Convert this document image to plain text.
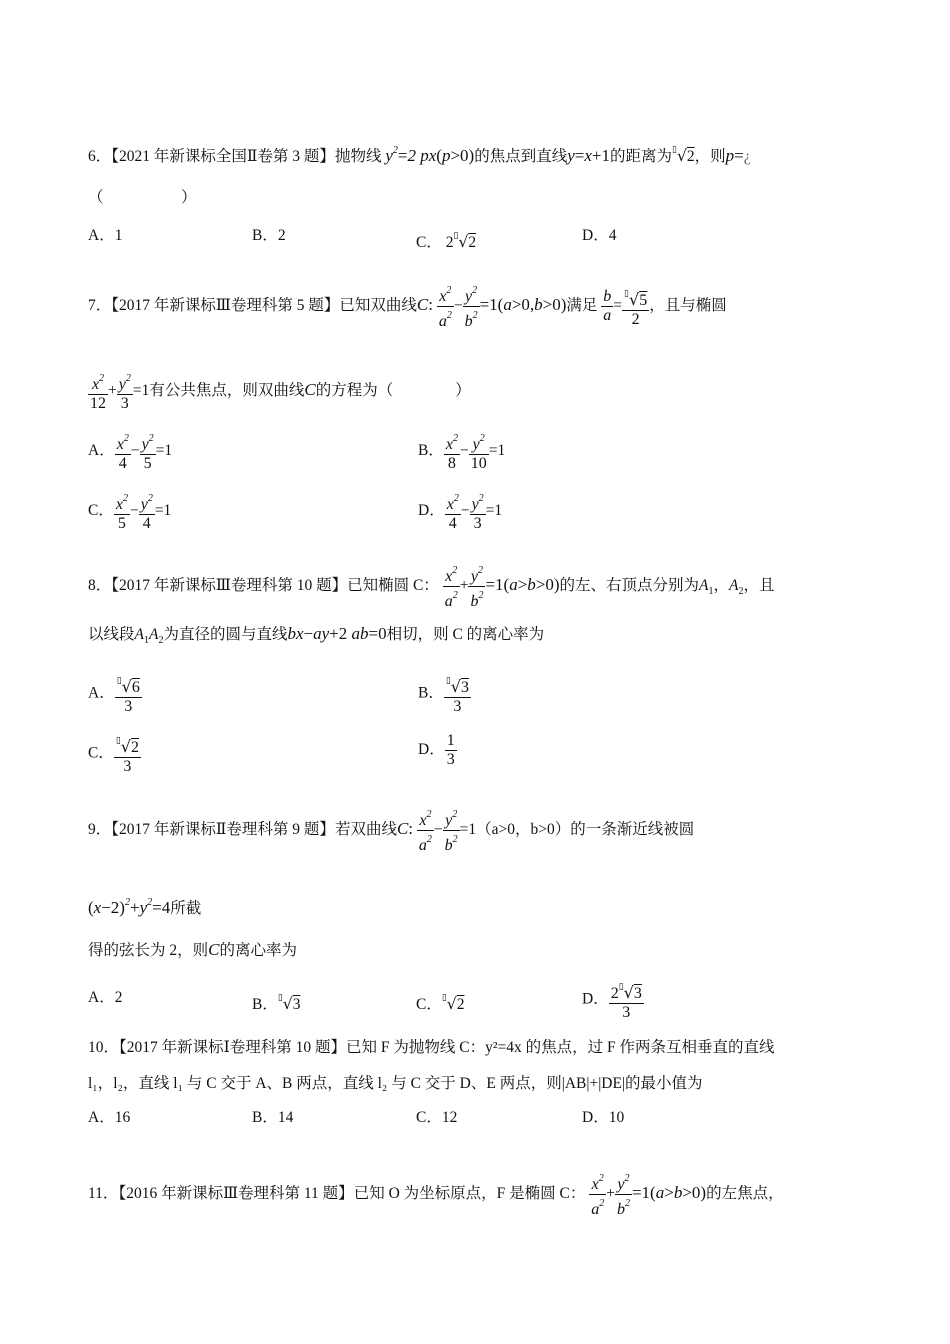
6．【2021 年新课标全国Ⅱ卷第 3 题】抛物线 $y^2=2$ px(p>0)的焦点到直线y=x+1的距离为▯√2，则p=¿
（　　　　　）
A．1	B．2	C． 2▯√2	D．4
7．【2017 年新课标Ⅲ卷理科第 5 题】已知双曲线C: $\frac{x^2}{a^2} - \frac{y^2}{b^2} =1(a>0,b>0)$满足 $\frac{b}{a} = \frac{^▯√5}{2}$ ，且与椭圆
$\frac{x^2}{12} + \frac{y^2}{3} =1$有公共焦点，则双曲线C的方程为（　　　　）
A． $\frac{x^2}{4} - \frac{y^2}{5} =1$	B． $\frac{x^2}{8} - \frac{y^2}{10} =1$
C． $\frac{x^2}{5} - \frac{y^2}{4} =1$	D． $\frac{x^2}{4} - \frac{y^2}{3} =1$
8．【2017 年新课标Ⅲ卷理科第 10 题】已知椭圆 C： $\frac{x^2}{a^2} + \frac{y^2}{b^2} =1(a>b>0)$的左、右顶点分别为$A_1$，$A_2$，且
以线段$A_1A_2$为直径的圆与直线bx−ay+2 ab=0相切，则 C 的离心率为
A． $\frac{^▯√6}{3}$	B． $\frac{^▯√3}{3}$
C． $\frac{^▯√2}{3}$	D． $\frac{1}{3}$
9．【2017 年新课标Ⅱ卷理科第 9 题】若双曲线C: $\frac{x^2}{a^2} - \frac{y^2}{b^2} =1(a>0$，b>0）的一条渐近线被圆
$(x-2)^2+y^2=4$所截
得的弦长为 2，则C的离心率为
A．2	B．▯√3	C．▯√2	D． $\frac{2^▯√3}{3}$
10．【2017 年新课标Ⅰ卷理科第 10 题】已知 F 为抛物线 C：y²=4x 的焦点，过 F 作两条互相垂直的直线
l₁，l₂，直线 l₁ 与 C 交于 A、B 两点，直线 l₂ 与 C 交于 D、E 两点，则|AB|+|DE|的最小值为
A．16	B．14	C．12	D．10
11．【2016 年新课标Ⅲ卷理科第 11 题】已知 O 为坐标原点，F 是椭圆 C： $\frac{x^2}{a^2} + \frac{y^2}{b^2} =1(a>b>0)$的左焦点，
